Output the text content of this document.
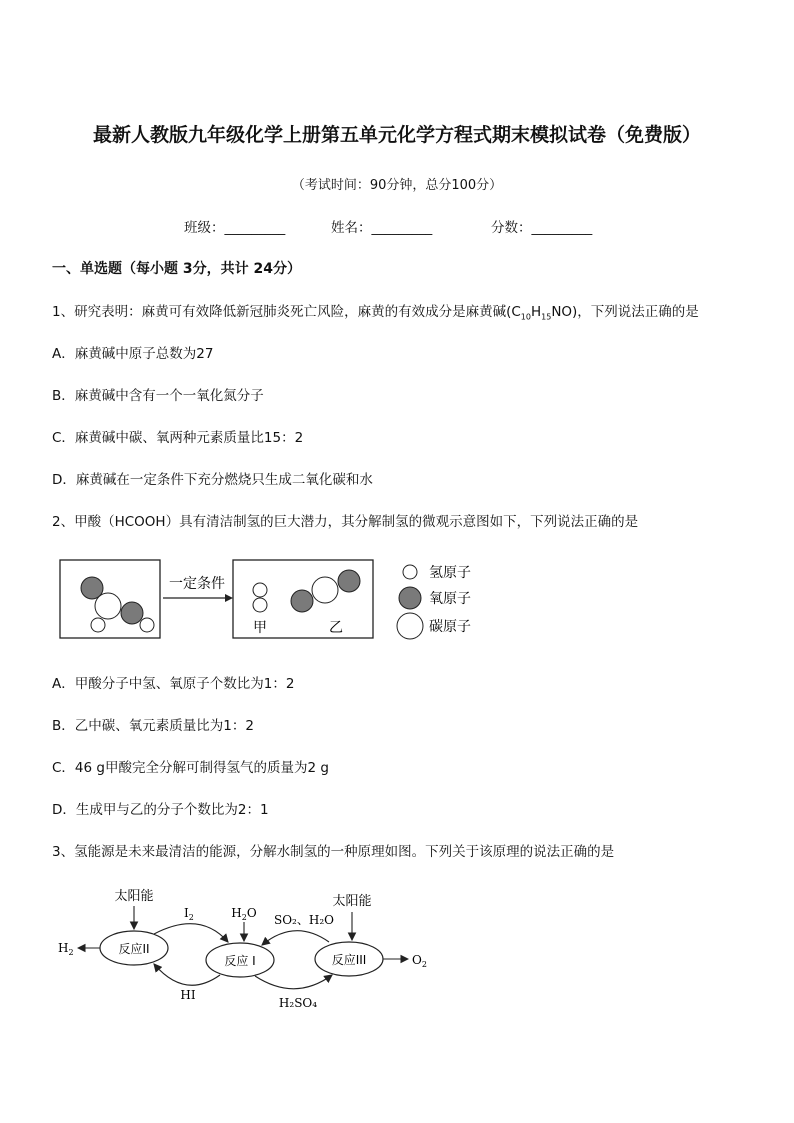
最新人教版九年级化学上册第五单元化学方程式期末模拟试卷（免费版）
（考试时间：90分钟，总分100分）
班级：_________	姓名：_________	分数：_________
一、单选题（每小题 3分，共计 24分）
1、研究表明：麻黄可有效降低新冠肺炎死亡风险，麻黄的有效成分是麻黄碱$(C_{10}H_{15}NO)$，下列说法正确的是
A．麻黄碱中原子总数为27
B．麻黄碱中含有一个一氧化氮分子
C．麻黄碱中碳、氧两种元素质量比15：2
D．麻黄碱在一定条件下充分燃烧只生成二氧化碳和水
2、甲酸（HCOOH）具有清洁制氢的巨大潜力，其分解制氢的微观示意图如下，下列说法正确的是
一定条件
甲	乙
氢原子
氧原子
碳原子
A．甲酸分子中氢、氧原子个数比为1：2
B．乙中碳、氧元素质量比为1：2
C．46 g甲酸完全分解可制得氢气的质量为2 g
D．生成甲与乙的分子个数比为2：1
3、氢能源是未来最清洁的能源，分解水制氢的一种原理如图。下列关于该原理的说法正确的是
反应II
反应 I	反应III
太阳能	太阳能
$H_2O$
$I_2$
HI
SO₂、H₂O
H₂SO₄
$H_2$
$O_2$
